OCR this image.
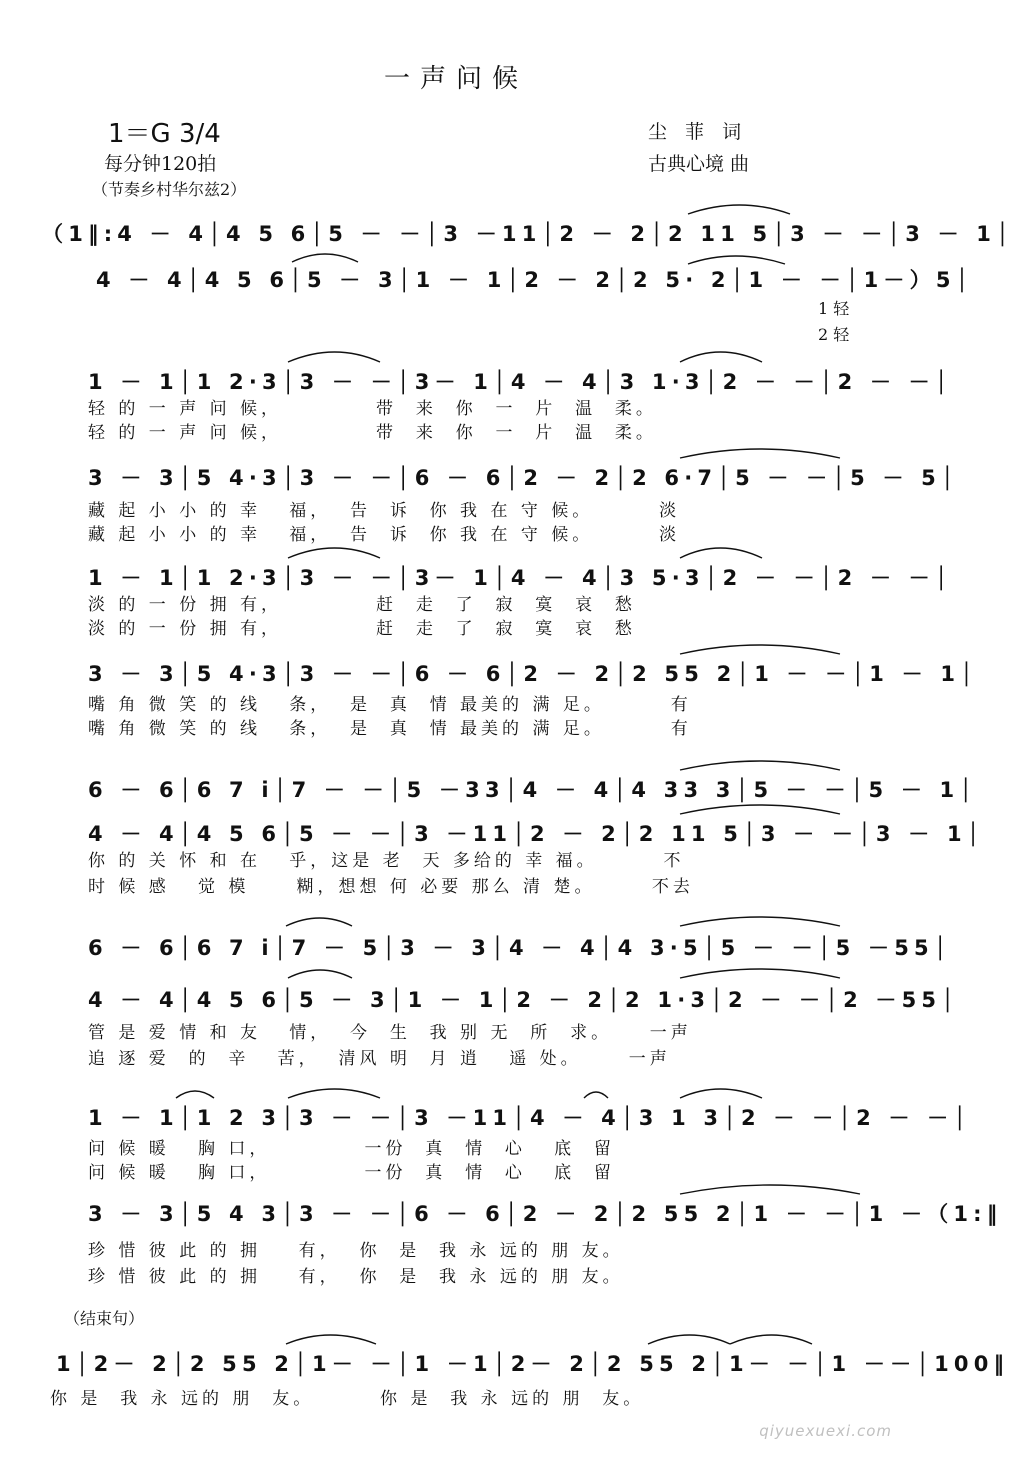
一声问候
1＝G 3/4
每分钟120拍
（节奏乡村华尔兹2）
尘 菲 词
古典心境 曲
（1‖:4 － 4│4 5 6│5 － －│3 －11│2 － 2│2 11 5│3 － －│3 － 1│
4 － 4│4 5 6│5 － 3│1 － 1│2 － 2│2 5· 2│1 － －│1－）5│
1 轻
2 轻
1 － 1│1 2·3│3 － －│3－ 1│4 － 4│3 1·3│2 － －│2 － －│
轻 的 一 声 问 候，          带  来  你  一  片  温  柔。
轻 的 一 声 问 候，          带  来  你  一  片  温  柔。
3 － 3│5 4·3│3 － －│6 － 6│2 － 2│2 6·7│5 － －│5 － 5│
藏 起 小 小 的 幸   福，  告  诉  你 我 在 守 候。       淡
藏 起 小 小 的 幸   福，  告  诉  你 我 在 守 候。       淡
1 － 1│1 2·3│3 － －│3－ 1│4 － 4│3 5·3│2 － －│2 － －│
淡 的 一 份 拥 有，          赶  走  了  寂  寞  哀  愁
淡 的 一 份 拥 有，          赶  走  了  寂  寞  哀  愁
3 － 3│5 4·3│3 － －│6 － 6│2 － 2│2 55 2│1 － －│1 － 1│
嘴 角 微 笑 的 线   条，  是  真  情 最美的 满 足。       有
嘴 角 微 笑 的 线   条，  是  真  情 最美的 满 足。       有
6 － 6│6 7 i│7 － －│5 －33│4 － 4│4 33 3│5 － －│5 － 1│
4 － 4│4 5 6│5 － －│3 －11│2 － 2│2 11 5│3 － －│3 － 1│
你 的 关 怀 和 在   乎，这是 老  天 多给的 幸 福。       不
时 候 感   觉 模     糊，想想 何 必要 那么 清 楚。      不去
6 － 6│6 7 i│7 － 5│3 － 3│4 － 4│4 3·5│5 － －│5 －55│
4 － 4│4 5 6│5 － 3│1 － 1│2 － 2│2 1·3│2 － －│2 －55│
管 是 爱 情 和 友   情，  今  生  我 别 无  所  求。    一声
追 逐 爱  的  辛   苦，  清风 明  月 逍   遥 处。     一声
1 － 1│1 2 3│3 － －│3 －11│4 － 4│3 1 3│2 － －│2 － －│
问 候 暖   胸 口，          一份  真  情  心   底  留
问 候 暖   胸 口，          一份  真  情  心   底  留
3 － 3│5 4 3│3 － －│6 － 6│2 － 2│2 55 2│1 － －│1 －（1:‖
珍 惜 彼 此 的 拥    有，  你  是  我 永 远的 朋 友。
珍 惜 彼 此 的 拥    有，  你  是  我 永 远的 朋 友。
（结束句）
1│2－ 2│2 55 2│1－ －│1 －1│2－ 2│2 55 2│1－ －│1 －－│100‖
你 是  我 永 远的 朋  友。       你 是  我 永 远的 朋  友。
qiyuexuexi.com
